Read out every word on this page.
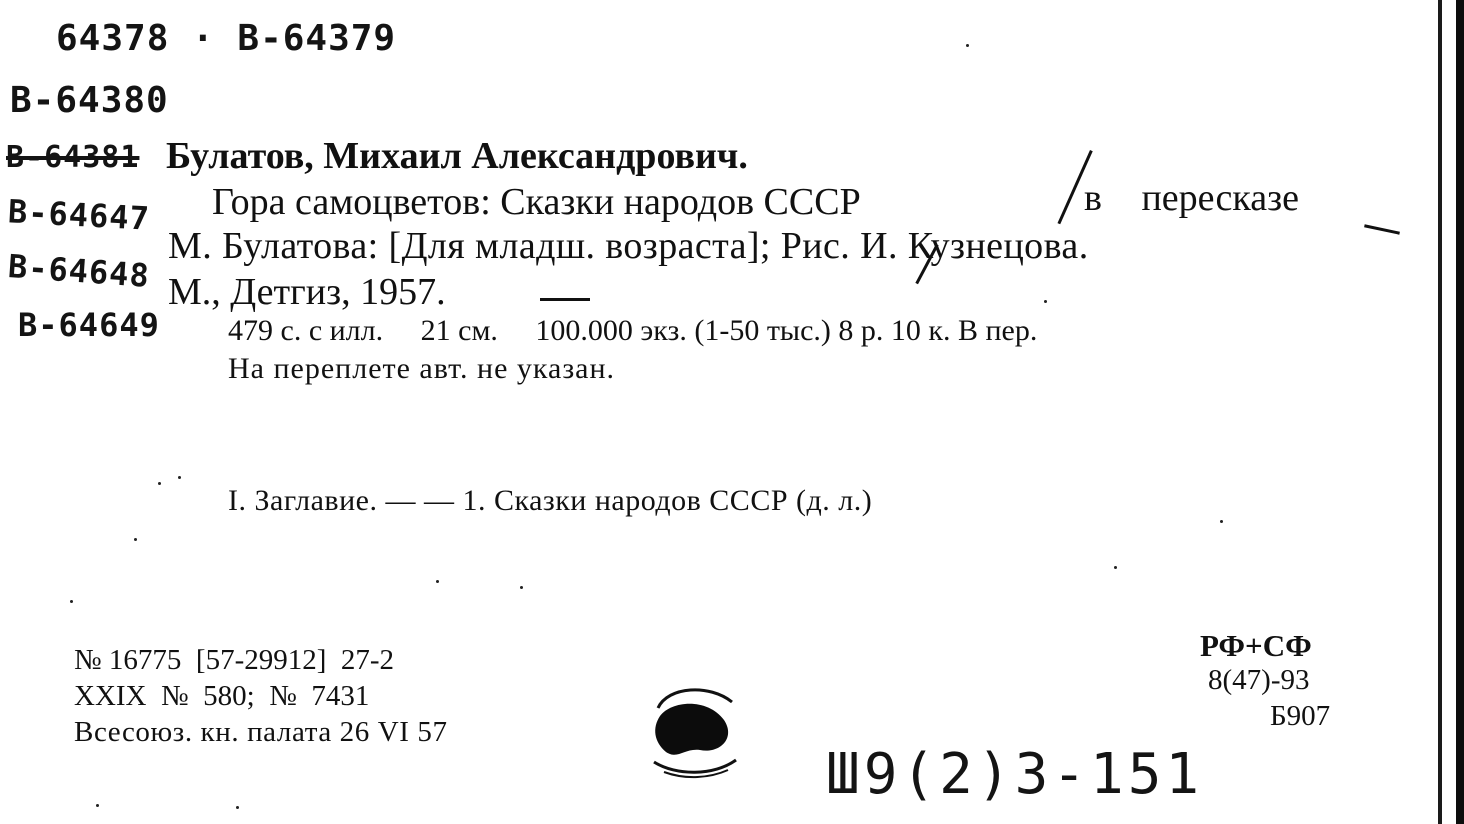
64378 · B-64379
B-64380
B-64381
B-64647
B-64648
B-64649
Булатов, Михаил Александрович.
Гора самоцветов: Сказки народов СССР	в пересказе
М. Булатова: [Для младш. возраста]; Рис. И. Кузнецова.
М., Детгиз, 1957.
479 с. с илл.     21 см.     100.000 экз. (1-50 тыс.) 8 р. 10 к. В пер.
На переплете авт. не указан.
I. Заглавие. — — 1. Сказки народов СССР (д. л.)
№ 16775  [57-29912]  27-2
XXIX  №  580;  №  7431
Всесоюз. кн. палата 26 VI 57
РФ+СФ
8(47)-93
Б907
Ш9(2)3-151
